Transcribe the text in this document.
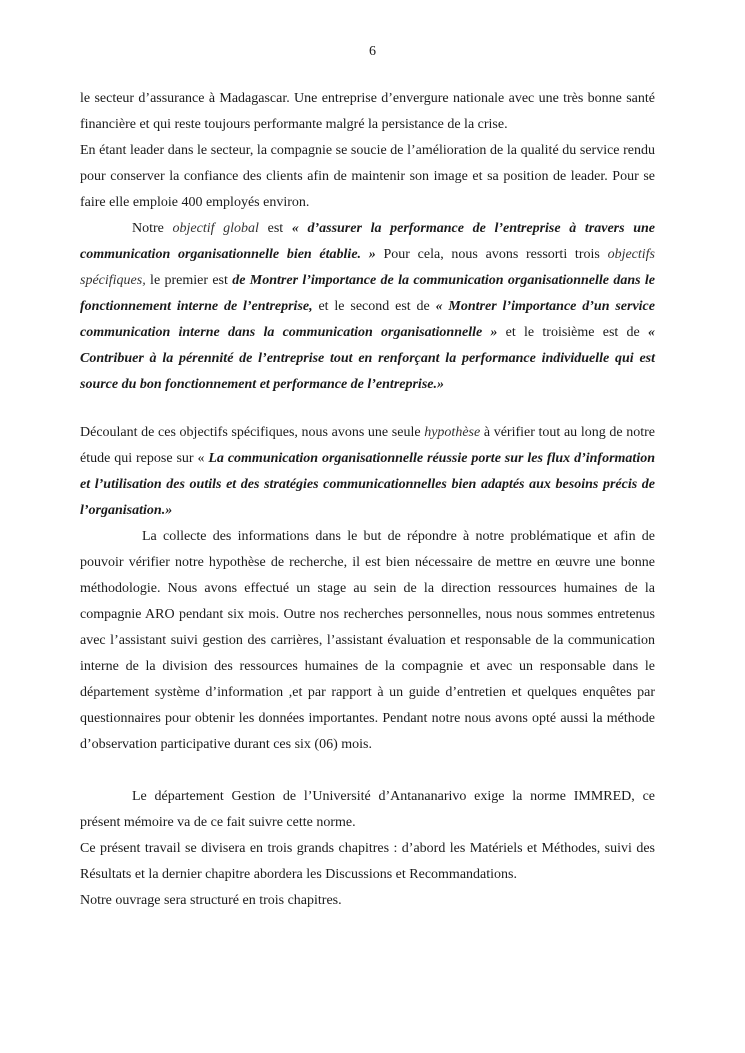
6

le secteur d’assurance à Madagascar. Une entreprise d’envergure nationale avec une très bonne santé financière et qui reste toujours performante malgré la persistance de la crise.

En étant leader dans le secteur, la compagnie se soucie de l’amélioration de la qualité du service rendu pour conserver la confiance des clients afin de maintenir son image et sa position de leader. Pour se faire elle emploie 400 employés environ.

Notre objectif global est « d’assurer la performance de l’entreprise à travers une communication organisationnelle bien établie. » Pour cela, nous avons ressorti trois objectifs spécifiques, le premier est de Montrer l’importance de la communication organisationnelle dans le fonctionnement interne de l’entreprise, et le second est de « Montrer l’importance d’un service communication interne dans la communication organisationnelle » et le troisième est de « Contribuer à la pérennité de l’entreprise tout en renforçant la performance individuelle qui est source du bon fonctionnement et performance de l’entreprise.»

Découlant de ces objectifs spécifiques, nous avons une seule hypothèse à vérifier tout au long de notre étude qui repose sur « La communication organisationnelle réussie porte sur les flux d’information et l’utilisation des outils et des stratégies communicationnelles bien adaptés aux besoins précis de l’organisation.»

La collecte des informations dans le but de répondre à notre problématique et afin de pouvoir vérifier notre hypothèse de recherche, il est bien nécessaire de mettre en œuvre une bonne méthodologie. Nous avons effectué un stage au sein de la direction ressources humaines de la compagnie ARO pendant six mois. Outre nos recherches personnelles, nous nous sommes entretenus avec l’assistant suivi gestion des carrières, l’assistant évaluation et responsable de la communication interne de la division des ressources humaines de la compagnie et avec un responsable dans le département système d’information ,et par rapport à un guide d’entretien et quelques enquêtes par questionnaires pour obtenir les données importantes. Pendant notre nous avons opté aussi la méthode d’observation participative durant ces six (06) mois.

Le département Gestion de l’Université d’Antananarivo exige la norme IMMRED, ce présent mémoire va de ce fait suivre cette norme.

Ce présent travail se divisera en trois grands chapitres : d’abord les Matériels et Méthodes, suivi des Résultats et la dernier chapitre abordera les Discussions et Recommandations.

Notre ouvrage sera structuré en trois chapitres.
